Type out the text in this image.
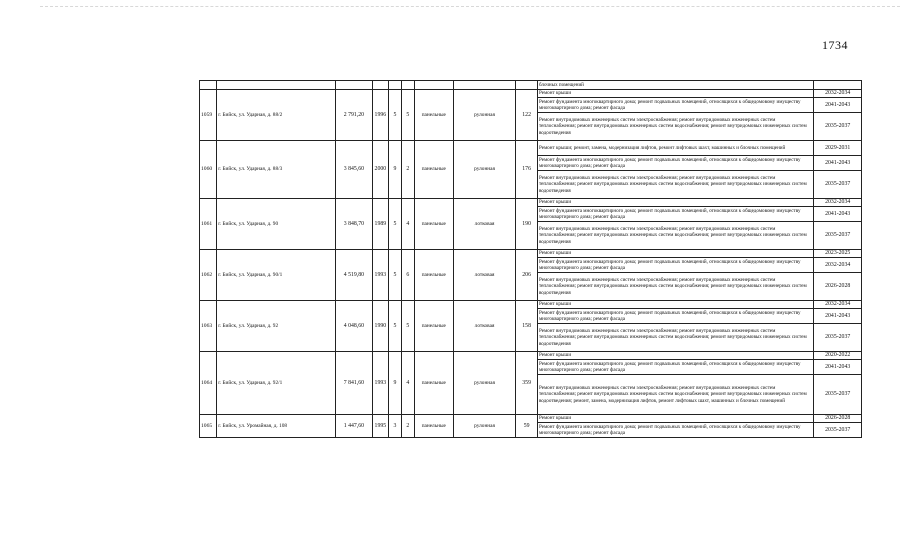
1734
									блочных помещений	
1059	г. Бийск, ул. Ударная, д. 88/2	2 791,20	1996	5	5	панельные	рулонная	122	Ремонт крыши	2032-2034
									Ремонт фундамента многоквартирного дома; ремонт подвальных помещений, относящихся к общедомовому имуществу многоквартирного дома; ремонт фасада	2041-2043
									Ремонт внутридомовых инженерных систем электроснабжения; ремонт внутридомовых инженерных систем теплоснабжения; ремонт внутридомовых инженерных систем водоснабжения; ремонт внутридомовых инженерных систем водоотведения	2035-2037
1060	г. Бийск, ул. Ударная, д. 88/3	3 845,60	2000	9	2	панельные	рулонная	176	Ремонт крыши; ремонт, замена, модернизация лифтов, ремонт лифтовых шахт, машинных и блочных помещений	2029-2031
									Ремонт фундамента многоквартирного дома; ремонт подвальных помещений, относящихся к общедомовому имуществу многоквартирного дома; ремонт фасада	2041-2043
									Ремонт внутридомовых инженерных систем электроснабжения; ремонт внутридомовых инженерных систем теплоснабжения; ремонт внутридомовых инженерных систем водоснабжения; ремонт внутридомовых инженерных систем водоотведения	2035-2037
1061	г. Бийск, ул. Ударная, д. 90	3 848,70	1989	5	4	панельные	лотковая	190	Ремонт крыши	2032-2034
									Ремонт фундамента многоквартирного дома; ремонт подвальных помещений, относящихся к общедомовому имуществу многоквартирного дома; ремонт фасада	2041-2043
									Ремонт внутридомовых инженерных систем электроснабжения; ремонт внутридомовых инженерных систем теплоснабжения; ремонт внутридомовых инженерных систем водоснабжения; ремонт внутридомовых инженерных систем водоотведения	2035-2037
1062	г. Бийск, ул. Ударная, д. 90/1	4 519,80	1993	5	6	панельные	лотковая	206	Ремонт крыши	2023-2025
									Ремонт фундамента многоквартирного дома; ремонт подвальных помещений, относящихся к общедомовому имуществу многоквартирного дома; ремонт фасада	2032-2034
									Ремонт внутридомовых инженерных систем электроснабжения; ремонт внутридомовых инженерных систем теплоснабжения; ремонт внутридомовых инженерных систем водоснабжения; ремонт внутридомовых инженерных систем водоотведения	2026-2028
1063	г. Бийск, ул. Ударная, д. 92	4 048,60	1990	5	5	панельные	лотковая	158	Ремонт крыши	2032-2034
									Ремонт фундамента многоквартирного дома; ремонт подвальных помещений, относящихся к общедомовому имуществу многоквартирного дома; ремонт фасада	2041-2043
									Ремонт внутридомовых инженерных систем электроснабжения; ремонт внутридомовых инженерных систем теплоснабжения; ремонт внутридомовых инженерных систем водоснабжения; ремонт внутридомовых инженерных систем водоотведения	2035-2037
1064	г. Бийск, ул. Ударная, д. 92/1	7 841,60	1993	9	4	панельные	рулонная	359	Ремонт крыши	2020-2022
									Ремонт фундамента многоквартирного дома; ремонт подвальных помещений, относящихся к общедомовому имуществу многоквартирного дома; ремонт фасада	2041-2043
									Ремонт внутридомовых инженерных систем электроснабжения; ремонт внутридомовых инженерных систем теплоснабжения; ремонт внутридомовых инженерных систем водоснабжения; ремонт внутридомовых инженерных систем водоотведения; ремонт, замена, модернизация лифтов, ремонт лифтовых шахт, машинных и блочных помещений	2035-2037
1065	г. Бийск, ул. Уромайная, д. 108	1 447,60	1995	3	2	панельные	рулонная	59	Ремонт крыши	2026-2028
									Ремонт фундамента многоквартирного дома; ремонт подвальных помещений, относящихся к общедомовому имуществу многоквартирного дома; ремонт фасада	2035-2037
